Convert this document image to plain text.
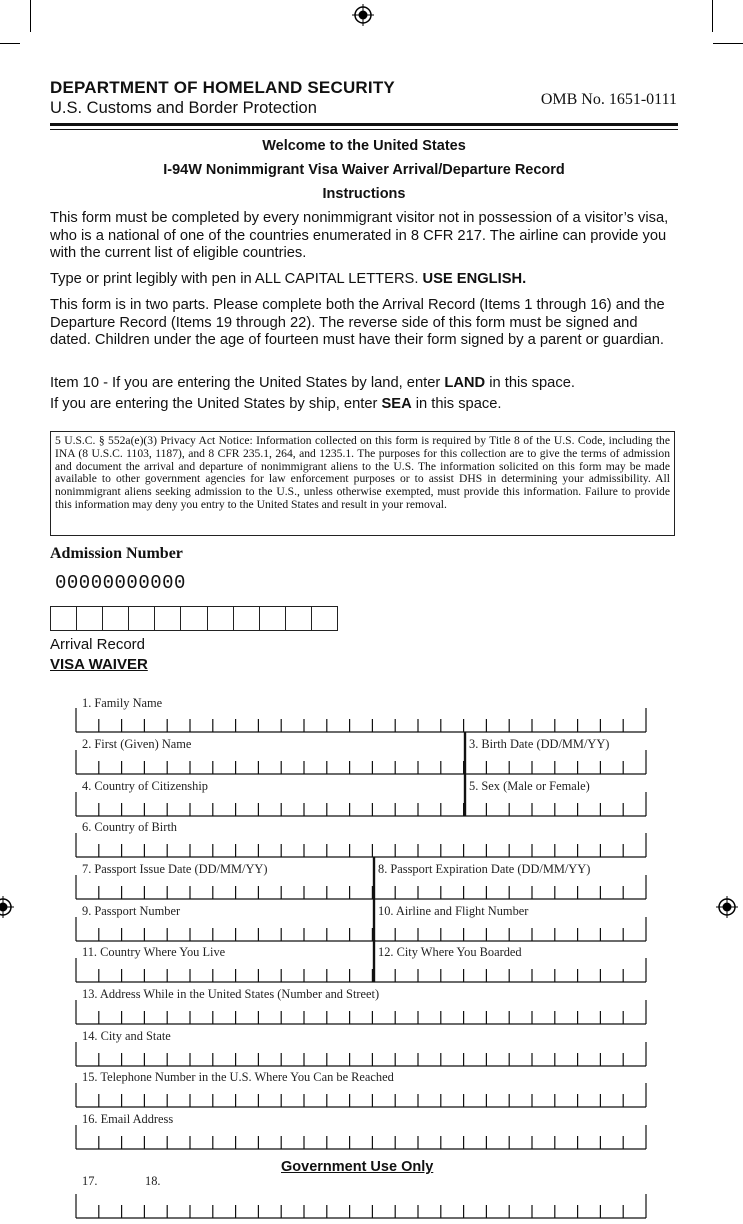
DEPARTMENT OF HOMELAND SECURITY
U.S. Customs and Border Protection	OMB No. 1651-0111
Welcome to the United States
I-94W Nonimmigrant Visa Waiver Arrival/Departure Record
Instructions
This form must be completed by every nonimmigrant visitor not in possession of a visitor’s visa, who is a national of one of the countries enumerated in 8 CFR 217. The airline can provide you with the current list of eligible countries.
Type or print legibly with pen in ALL CAPITAL LETTERS. USE ENGLISH.
This form is in two parts. Please complete both the Arrival Record (Items 1 through 16) and the Departure Record (Items 19 through 22). The reverse side of this form must be signed and dated. Children under the age of fourteen must have their form signed by a parent or guardian.
Item 10 - If you are entering the United States by land, enter LAND in this space.
If you are entering the United States by ship, enter SEA in this space.
5 U.S.C. § 552a(e)(3) Privacy Act Notice: Information collected on this form is required by Title 8 of the U.S. Code, including the INA (8 U.S.C. 1103, 1187), and 8 CFR 235.1, 264, and 1235.1. The purposes for this collection are to give the terms of admission and document the arrival and departure of nonimmigrant aliens to the U.S. The information solicited on this form may be made available to other government agencies for law enforcement purposes or to assist DHS in determining your admissibility. All nonimmigrant aliens seeking admission to the U.S., unless otherwise exempted, must provide this information. Failure to provide this information may deny you entry to the United States and result in your removal.
Admission Number
00000000000
Arrival Record
VISA WAIVER
1. Family Name
2. First (Given) Name	3. Birth Date (DD/MM/YY)
4. Country of Citizenship	5. Sex (Male or Female)
6. Country of Birth
7. Passport Issue Date (DD/MM/YY)	8. Passport Expiration Date (DD/MM/YY)
9. Passport Number	10. Airline and Flight Number
11. Country Where You Live	12. City Where You Boarded
13. Address While in the United States (Number and Street)
14. City and State
15. Telephone Number in the U.S. Where You Can be Reached
16. Email Address
Government Use Only
17.	18.
